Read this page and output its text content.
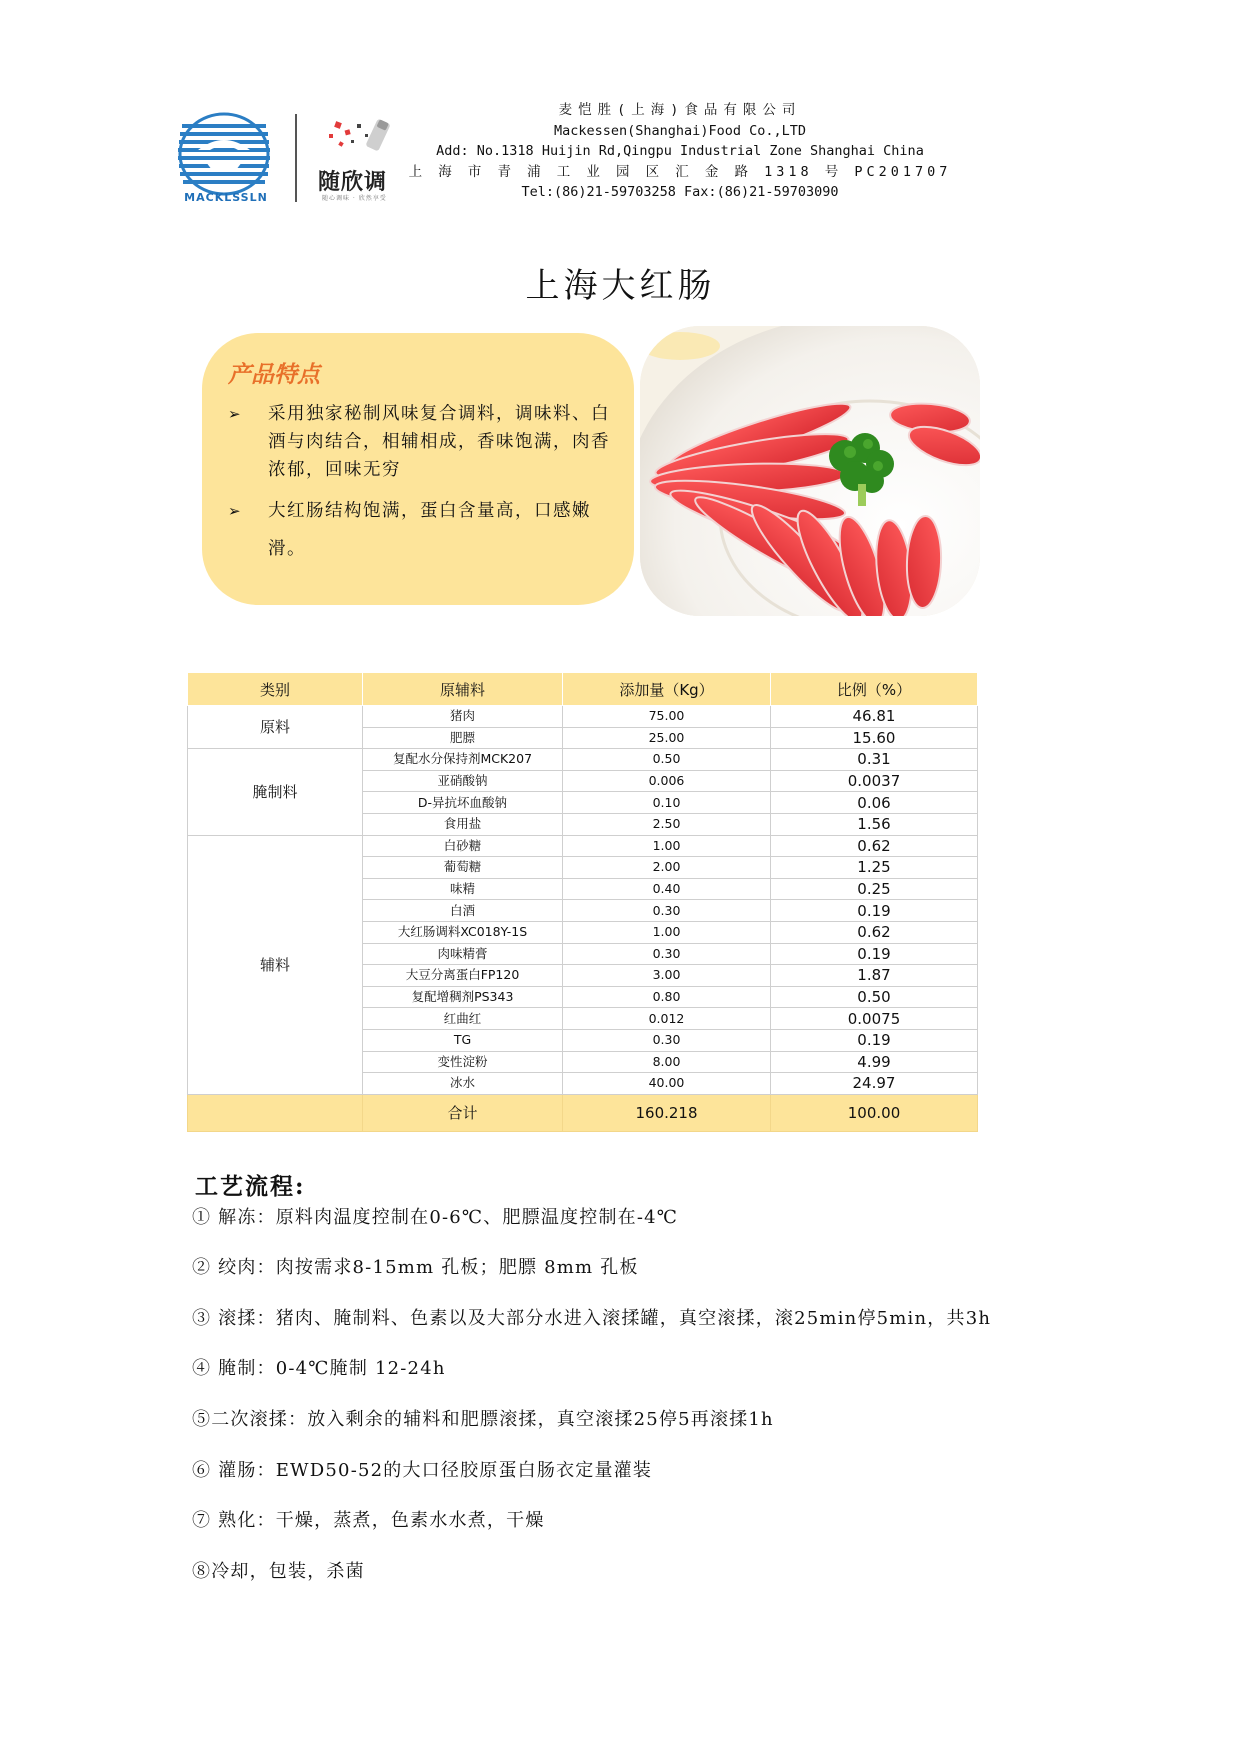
MACKLSSLN
随欣调
随心调味 · 欣然享受
麦恺胜(上海)食品有限公司
Mackessen(Shanghai)Food Co.,LTD
Add: No.1318 Huijin Rd,Qingpu Industrial Zone Shanghai China
上 海 市 青 浦 工 业 园 区 汇 金 路 1318 号 PC201707
Tel:(86)21-59703258 Fax:(86)21-59703090
上海大红肠
产品特点
➢ 采用独家秘制风味复合调料，调味料、白酒与肉结合，相辅相成，香味饱满，肉香浓郁，回味无穷
➢ 大红肠结构饱满，蛋白含量高，口感嫩滑。
类别	原辅料	添加量（Kg）	比例（%）
原料	猪肉	75.00	46.81
	肥膘	25.00	15.60
腌制料	复配水分保持剂MCK207	0.50	0.31
	亚硝酸钠	0.006	0.0037
	D-异抗坏血酸钠	0.10	0.06
	食用盐	2.50	1.56
辅料	白砂糖	1.00	0.62
	葡萄糖	2.00	1.25
	味精	0.40	0.25
	白酒	0.30	0.19
	大红肠调料XC018Y-1S	1.00	0.62
	肉味精膏	0.30	0.19
	大豆分离蛋白FP120	3.00	1.87
	复配增稠剂PS343	0.80	0.50
	红曲红	0.012	0.0075
	TG	0.30	0.19
	变性淀粉	8.00	4.99
	冰水	40.00	24.97
	合计	160.218	100.00
工艺流程:
① 解冻：原料肉温度控制在0-6℃、肥膘温度控制在-4℃
② 绞肉：肉按需求8-15mm 孔板；肥膘 8mm 孔板
③ 滚揉：猪肉、腌制料、色素以及大部分水进入滚揉罐，真空滚揉，滚25min停5min，共3h
④ 腌制：0-4℃腌制 12-24h
⑤二次滚揉：放入剩余的辅料和肥膘滚揉，真空滚揉25停5再滚揉1h
⑥ 灌肠：EWD50-52的大口径胶原蛋白肠衣定量灌装
⑦ 熟化：干燥，蒸煮，色素水水煮，干燥
⑧冷却，包装，杀菌
